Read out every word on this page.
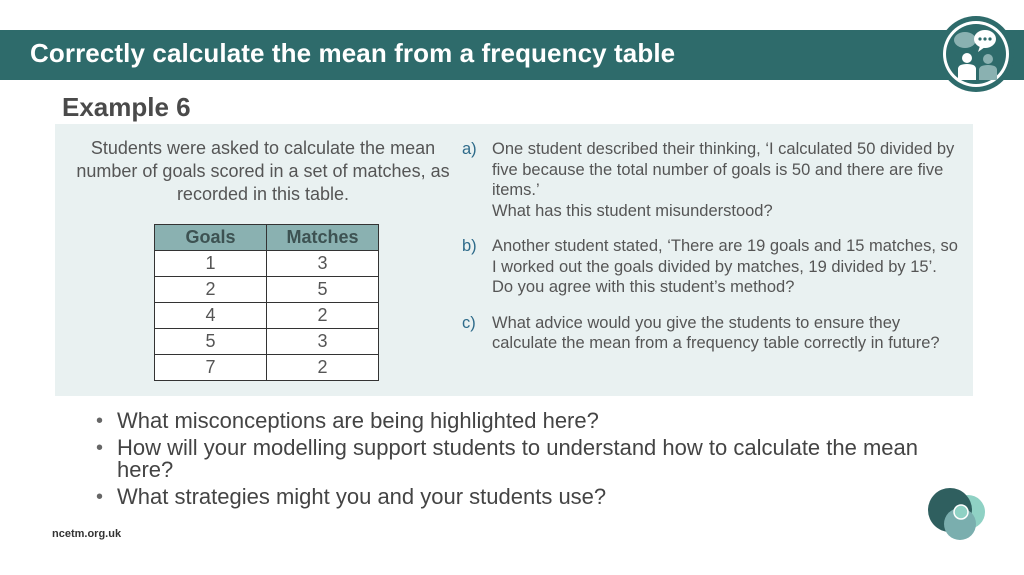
Correctly calculate the mean from a frequency table
Example 6
Students were asked to calculate the mean number of goals scored in a set of matches, as recorded in this table.
Goals	Matches
1	3
2	5
4	2
5	3
7	2
a) One student described their thinking, ‘I calculated 50 divided by five because the total number of goals is 50 and there are five items.’

What has this student misunderstood?

b) Another student stated, ‘There are 19 goals and 15 matches, so I worked out the goals divided by matches, 19 divided by 15’.

Do you agree with this student’s method?

c) What advice would you give the students to ensure they calculate the mean from a frequency table correctly in future?

• What misconceptions are being highlighted here?
• How will your modelling support students to understand how to calculate the mean here?
• What strategies might you and your students use?
ncetm.org.uk
